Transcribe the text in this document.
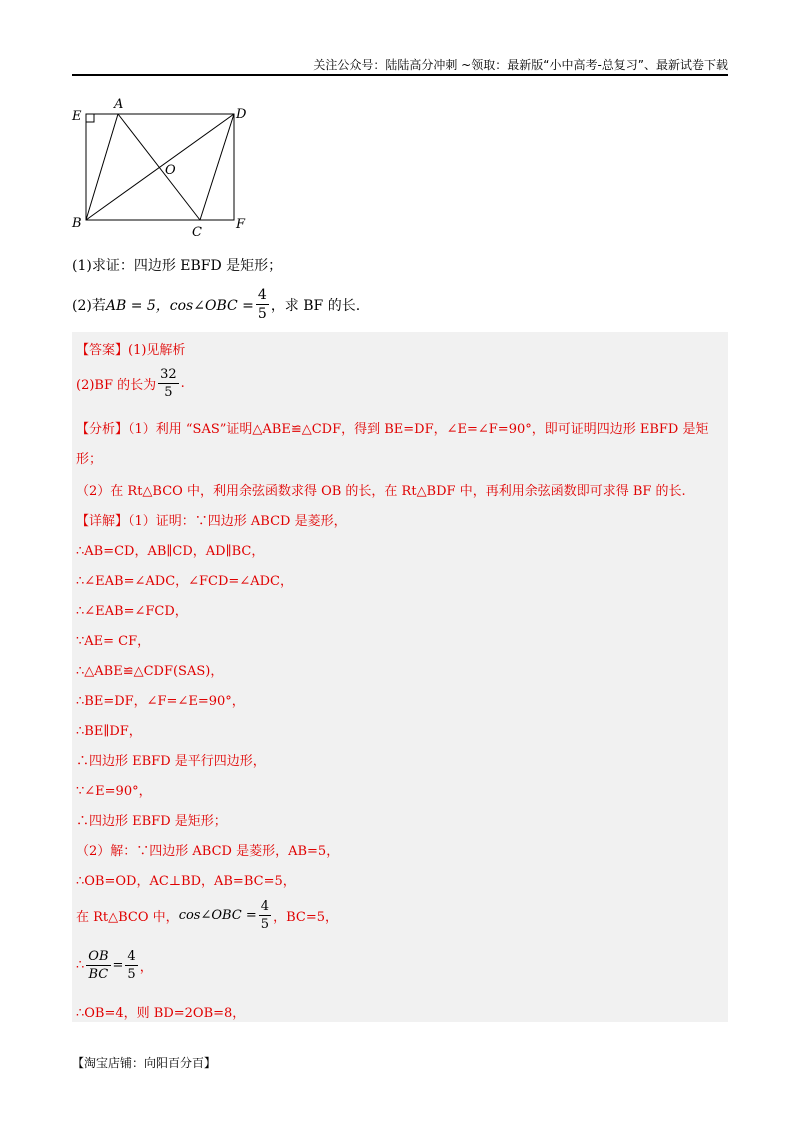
关注公众号：陆陆高分冲刺 ~领取：最新版“小中高考-总复习”、最新试卷下载
E
A
D
O
B
C
F
(1)求证：四边形 EBFD 是矩形；
(2)若 AB = 5，cos∠OBC = $\frac{4}{5}$ ，求 BF 的长.
【答案】(1)见解析
(2)BF 的长为 $\frac{32}{5}$ .
【分析】（1）利用 “SAS”证明△ABE≌△CDF，得到 BE=DF，∠E=∠F=90°，即可证明四边形 EBFD 是矩
形；
（2）在 Rt△BCO 中，利用余弦函数求得 OB 的长，在 Rt△BDF 中，再利用余弦函数即可求得 BF 的长.
【详解】（1）证明：∵四边形 ABCD 是菱形，
∴AB=CD，AB∥CD，AD∥BC，
∴∠EAB=∠ADC，∠FCD=∠ADC，
∴∠EAB=∠FCD，
∵AE= CF，
∴△ABE≌△CDF(SAS)，
∴BE=DF，∠F=∠E=90°，
∴BE∥DF，
∴四边形 EBFD 是平行四边形，
∵∠E=90°，
∴四边形 EBFD 是矩形；
（2）解：∵四边形 ABCD 是菱形，AB=5，
∴OB=OD，AC⊥BD，AB=BC=5，
在 Rt△BCO 中， cos∠OBC = $\frac{4}{5}$ ，BC=5，
∴ $\frac{OB}{BC} = \frac{4}{5}$ ，
∴OB=4，则 BD=2OB=8，
【淘宝店铺：向阳百分百】
